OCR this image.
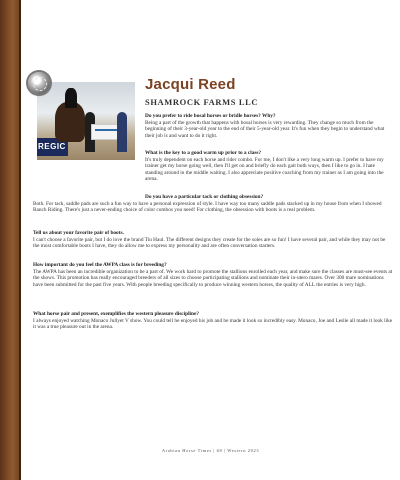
REGIC
Jacqui Reed
SHAMROCK FARMS LLC

Do you prefer to ride bosal horses or bridle horses? Why?

Being a part of the growth that happens with bosal horses is very rewarding. They change so much from the beginning of their 3-year-old year to the end of their 5-year-old year. It's fun when they begin to understand what their job is and want to do it right.

What is the key to a good warm up prior to a class?

It's truly dependent on each horse and rider combo. For me, I don't like a very long warm up. I prefer to have my trainer get my horse going well, then I'll get on and briefly do each gait both ways, then I like to go in. I hate standing around in the middle waiting. I also appreciate positive coaching from my trainer as I am going into the arena.

Do you have a particular tack or clothing obsession?

Both. For tack, saddle pads are such a fun way to have a personal expression of style. I have way too many saddle pads stacked up in my house from when I showed Ranch Riding. There's just a never-ending choice of color combos you need! For clothing, the obsession with boots is a real problem.

Tell us about your favorite pair of boots.

I can't choose a favorite pair, but I do love the brand Tin Haul. The different designs they create for the soles are so fun! I have several pair, and while they may not be the most comfortable boots I have, they do allow me to express my personality and are often conversation starters.

How important do you feel the AWPA class is for breeding?

The AWPA has been an incredible organization to be a part of. We work hard to promote the stallions enrolled each year, and make sure the classes are must-see events at the shows. This promotion has really encouraged breeders of all sizes to choose participating stallions and nominate their in-utero mares. Over 300 mare nominations have been submitted for the past five years. With people breeding specifically to produce winning western horses, the quality of ALL the entries is very high.

What horse pair and present, exemplifies the western pleasure discipline?

I always enjoyed watching Monaco Jullyet V show. You could tell he enjoyed his job and he made it look so incredibly easy. Monaco, Joe and Leslie all made it look like it was a true pleasure out in the arena.

Arabian Horse Times | 68 | Western 2023
